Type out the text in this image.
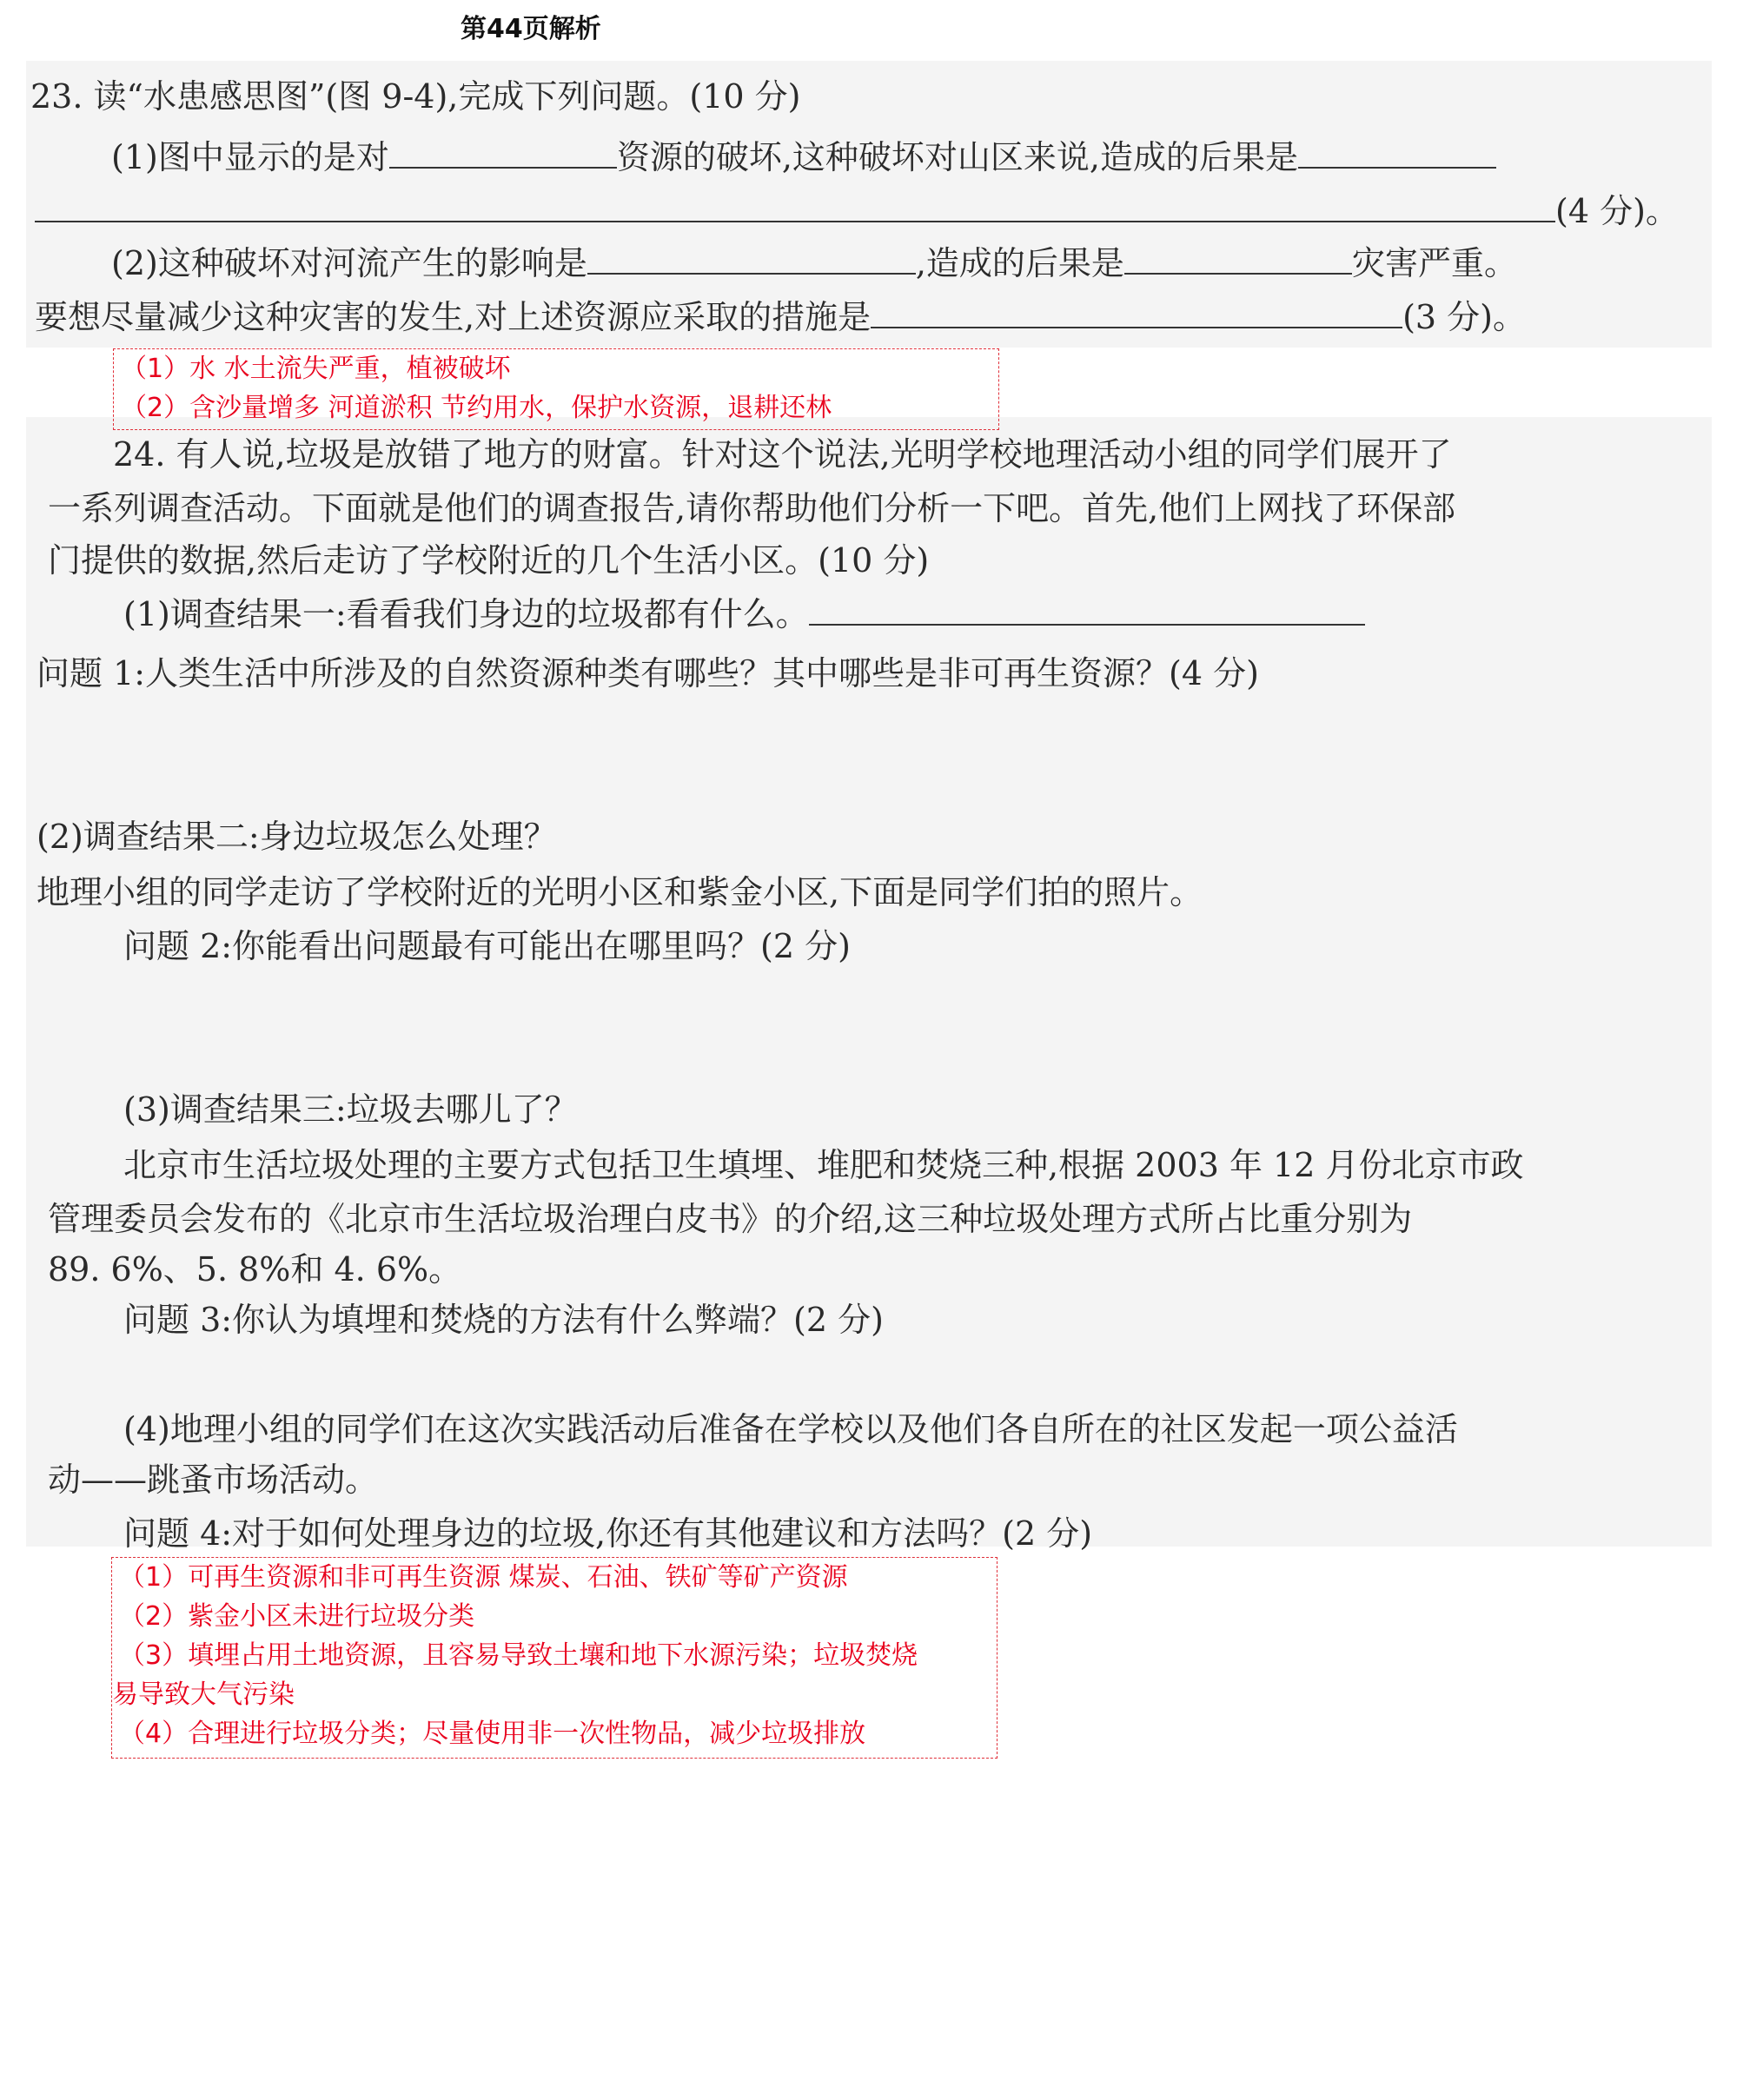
第44页解析
23. 读“水患感思图”(图 9-4),完成下列问题。(10 分)
(1)图中显示的是对	资源的破坏,这种破坏对山区来说,造成的后果是
(4 分)。
(2)这种破坏对河流产生的影响是	,造成的后果是	灾害严重。
要想尽量减少这种灾害的发生,对上述资源应采取的措施是	(3 分)。
（1）水 水土流失严重，植被破坏
（2）含沙量增多 河道淤积 节约用水，保护水资源，退耕还林
24. 有人说,垃圾是放错了地方的财富。针对这个说法,光明学校地理活动小组的同学们展开了
一系列调查活动。下面就是他们的调查报告,请你帮助他们分析一下吧。首先,他们上网找了环保部
门提供的数据,然后走访了学校附近的几个生活小区。(10 分)
(1)调查结果一:看看我们身边的垃圾都有什么。
问题 1:人类生活中所涉及的自然资源种类有哪些？其中哪些是非可再生资源？(4 分)
(2)调查结果二:身边垃圾怎么处理？
地理小组的同学走访了学校附近的光明小区和紫金小区,下面是同学们拍的照片。
问题 2:你能看出问题最有可能出在哪里吗？(2 分)
(3)调查结果三:垃圾去哪儿了？
北京市生活垃圾处理的主要方式包括卫生填埋、堆肥和焚烧三种,根据 2003 年 12 月份北京市政
管理委员会发布的《北京市生活垃圾治理白皮书》的介绍,这三种垃圾处理方式所占比重分别为
89. 6%、5. 8%和 4. 6%。
问题 3:你认为填埋和焚烧的方法有什么弊端？(2 分)
(4)地理小组的同学们在这次实践活动后准备在学校以及他们各自所在的社区发起一项公益活
动——跳蚤市场活动。
问题 4:对于如何处理身边的垃圾,你还有其他建议和方法吗？(2 分)
（1）可再生资源和非可再生资源 煤炭、石油、铁矿等矿产资源
（2）紫金小区未进行垃圾分类
（3）填埋占用土地资源，且容易导致土壤和地下水源污染；垃圾焚烧
易导致大气污染
（4）合理进行垃圾分类；尽量使用非一次性物品，减少垃圾排放
